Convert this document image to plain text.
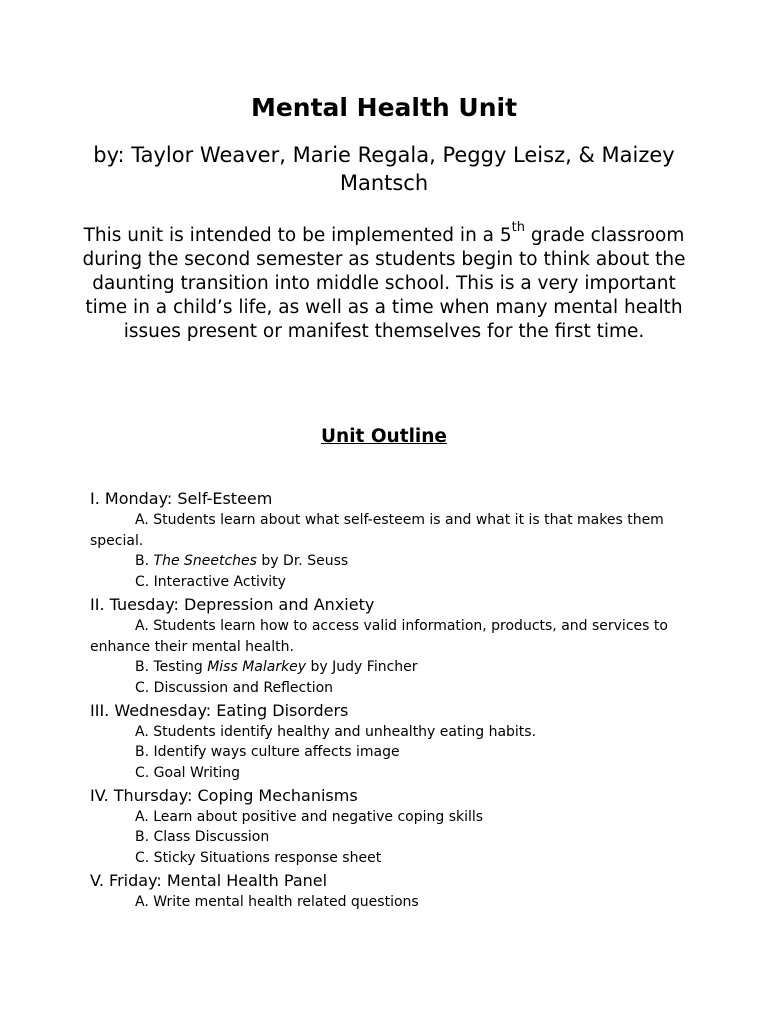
Mental Health Unit
by: Taylor Weaver, Marie Regala, Peggy Leisz, & Maizey Mantsch
This unit is intended to be implemented in a 5th grade classroom during the second semester as students begin to think about the daunting transition into middle school. This is a very important time in a child’s life, as well as a time when many mental health issues present or manifest themselves for the first time.
Unit Outline

I. Monday: Self-Esteem

A. Students learn about what self-esteem is and what it is that makes them special.

B. The Sneetches by Dr. Seuss

C. Interactive Activity

II. Tuesday: Depression and Anxiety

A. Students learn how to access valid information, products, and services to enhance their mental health.

B. Testing Miss Malarkey by Judy Fincher

C. Discussion and Reflection

III. Wednesday: Eating Disorders

A. Students identify healthy and unhealthy eating habits.

B. Identify ways culture affects image

C. Goal Writing

IV. Thursday: Coping Mechanisms

A. Learn about positive and negative coping skills

B. Class Discussion

C. Sticky Situations response sheet

V. Friday: Mental Health Panel

A. Write mental health related questions
